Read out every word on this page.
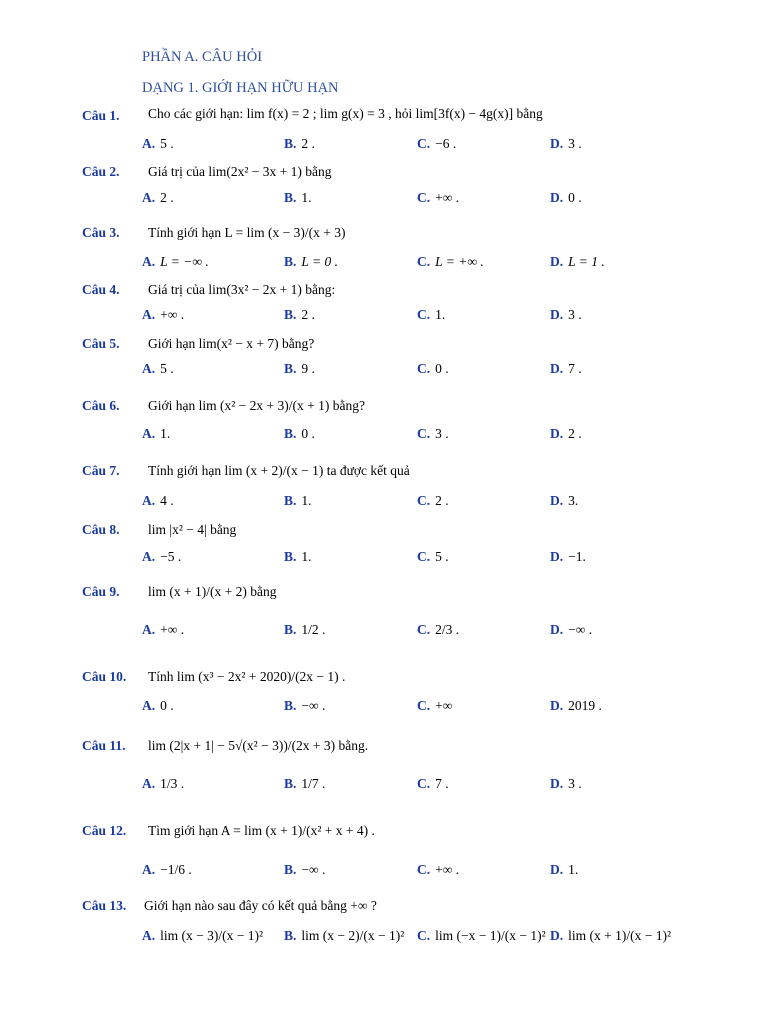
PHẦN A. CÂU HỎI
DẠNG 1. GIỚI HẠN HỮU HẠN
Câu 1. Cho các giới hạn: lim f(x) = 2 ; lim g(x) = 3 , hỏi lim[3f(x) − 4g(x)] bằng
A. 5 .	B. 2 .	C. −6 .	D. 3 .
Câu 2. Giá trị của lim(2x² − 3x + 1) bằng
A. 2 .	B. 1.	C. +∞ .	D. 0 .
Câu 3. Tính giới hạn L = lim (x − 3)/(x + 3)
A. L = −∞ .	B. L = 0 .	C. L = +∞ .	D. L = 1 .
Câu 4. Giá trị của lim(3x² − 2x + 1) bằng:
A. +∞ .	B. 2 .	C. 1.	D. 3 .
Câu 5. Giới hạn lim(x² − x + 7) bằng?
A. 5 .	B. 9 .	C. 0 .	D. 7 .
Câu 6. Giới hạn lim (x² − 2x + 3)/(x + 1) bằng?
A. 1.	B. 0 .	C. 3 .	D. 2 .
Câu 7. Tính giới hạn lim (x + 2)/(x − 1) ta được kết quả
A. 4 .	B. 1.	C. 2 .	D. 3.
Câu 8. lim |x² − 4| bằng
A. −5 .	B. 1.	C. 5 .	D. −1.
Câu 9. lim (x + 1)/(x + 2) bằng
A. +∞ .	B. 1/2 .	C. 2/3 .	D. −∞ .
Câu 10. Tính lim (x³ − 2x² + 2020)/(2x − 1) .
A. 0 .	B. −∞ .	C. +∞	D. 2019 .
Câu 11. lim (2|x + 1| − 5√(x² − 3))/(2x + 3) bằng.
A. 1/3 .	B. 1/7 .	C. 7 .	D. 3 .
Câu 12. Tìm giới hạn A = lim (x + 1)/(x² + x + 4) .
A. −1/6 .	B. −∞ .	C. +∞ .	D. 1.
Câu 13. Giới hạn nào sau đây có kết quả bằng +∞ ?
A. lim (x − 3)/(x − 1)² B. lim (x − 2)/(x − 1)² C. lim (−x − 1)/(x − 1)² D. lim (x + 1)/(x − 1)²
